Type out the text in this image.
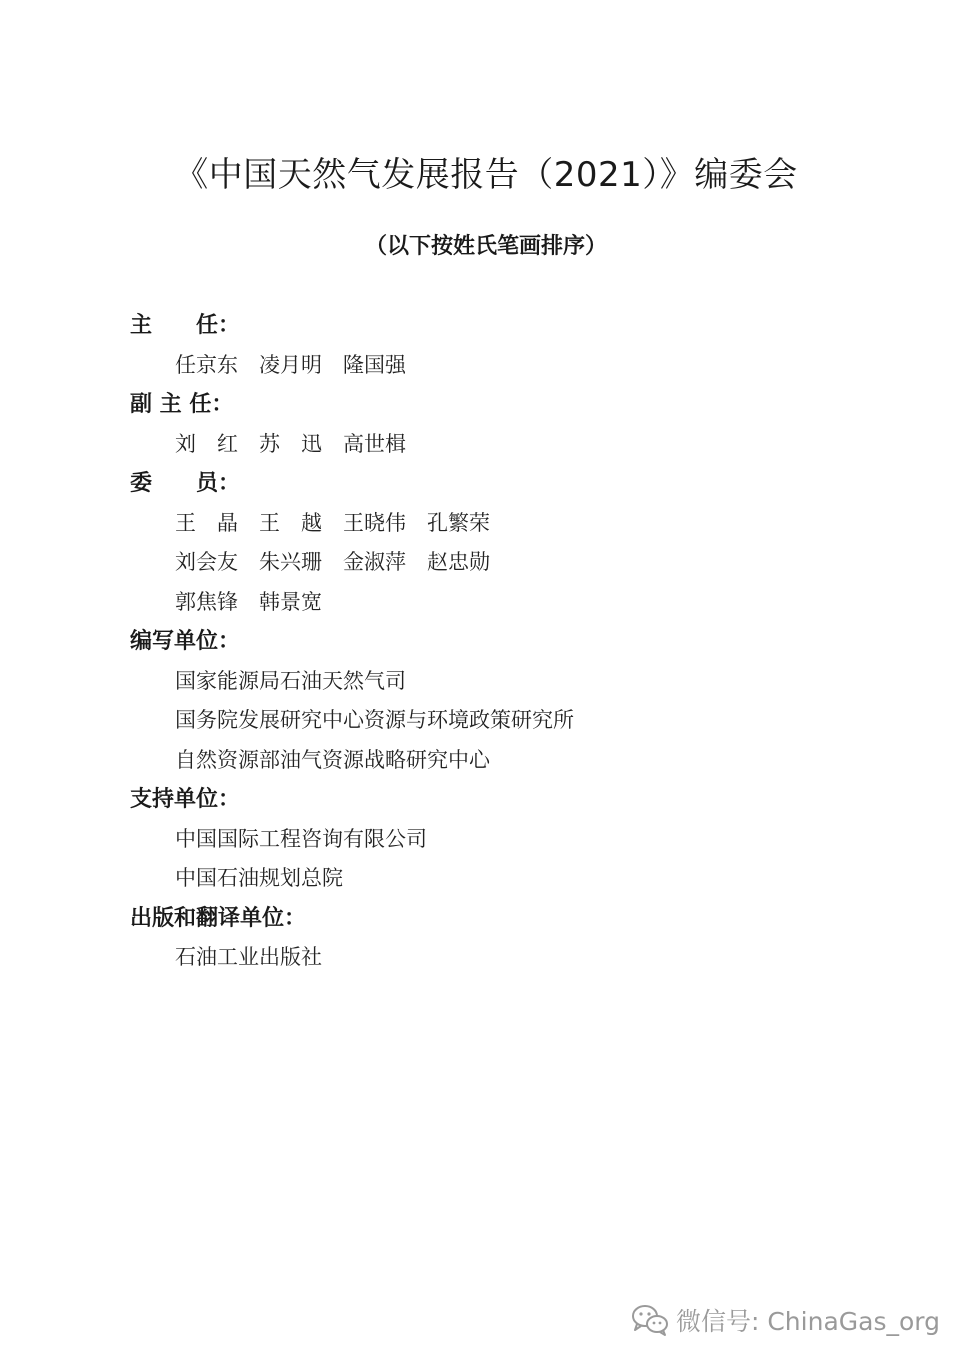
《中国天然气发展报告（2021）》编委会

（以下按姓氏笔画排序）

主　　任：
任京东　凌月明　隆国强
副 主 任：
刘　红　苏　迅　高世楫
委　　员：
王　晶　王　越　王晓伟　孔繁荣
刘会友　朱兴珊　金淑萍　赵忠勋
郭焦锋　韩景宽
编写单位：
国家能源局石油天然气司
国务院发展研究中心资源与环境政策研究所
自然资源部油气资源战略研究中心
支持单位：
中国国际工程咨询有限公司
中国石油规划总院
出版和翻译单位：
石油工业出版社
微信号: ChinaGas_org
